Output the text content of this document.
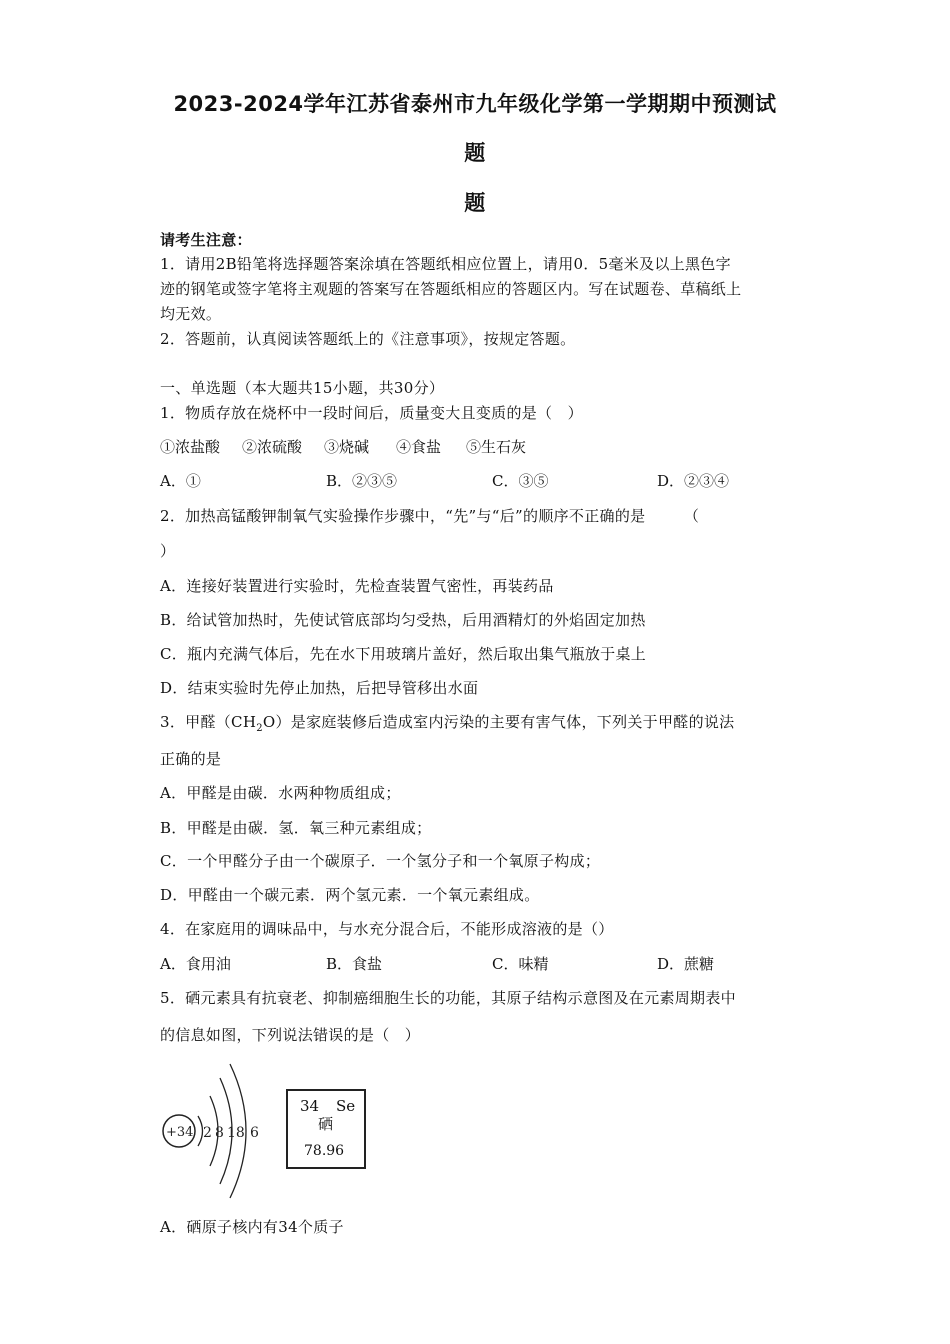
2023-2024学年江苏省泰州市九年级化学第一学期期中预测试
题
题
请考生注意：
1．请用2B铅笔将选择题答案涂填在答题纸相应位置上，请用0．5毫米及以上黑色字
迹的钢笔或签字笔将主观题的答案写在答题纸相应的答题区内。写在试题卷、草稿纸上
均无效。
2．答题前，认真阅读答题纸上的《注意事项》，按规定答题。
一、单选题（本大题共15小题，共30分）
1．物质存放在烧杯中一段时间后，质量变大且变质的是（　）
①浓盐酸 ②浓硫酸 ③烧碱 ④食盐 ⑤生石灰
A．①	B．②③⑤	C．③⑤	D．②③④
2．加热高锰酸钾制氧气实验操作步骤中，“先”与“后”的顺序不正确的是　　　（
）
A．连接好装置进行实验时，先检查装置气密性，再装药品
B．给试管加热时，先使试管底部均匀受热，后用酒精灯的外焰固定加热
C．瓶内充满气体后，先在水下用玻璃片盖好，然后取出集气瓶放于桌上
D．结束实验时先停止加热，后把导管移出水面
3．甲醛$(CH_2O)$是家庭装修后造成室内污染的主要有害气体，下列关于甲醛的说法
正确的是
A．甲醛是由碳．水两种物质组成；
B．甲醛是由碳．氢．氧三种元素组成；
C．一个甲醛分子由一个碳原子．一个氢分子和一个氧原子构成；
D．甲醛由一个碳元素．两个氢元素．一个氧元素组成。
4．在家庭用的调味品中，与水充分混合后，不能形成溶液的是（）
A．食用油	B．食盐	C．味精	D．蔗糖
5．硒元素具有抗衰老、抑制癌细胞生长的功能，其原子结构示意图及在元素周期表中
的信息如图，下列说法错误的是（　）
+34 2 8 18 6
34 Se
硒
78.96
A．硒原子核内有34个质子
